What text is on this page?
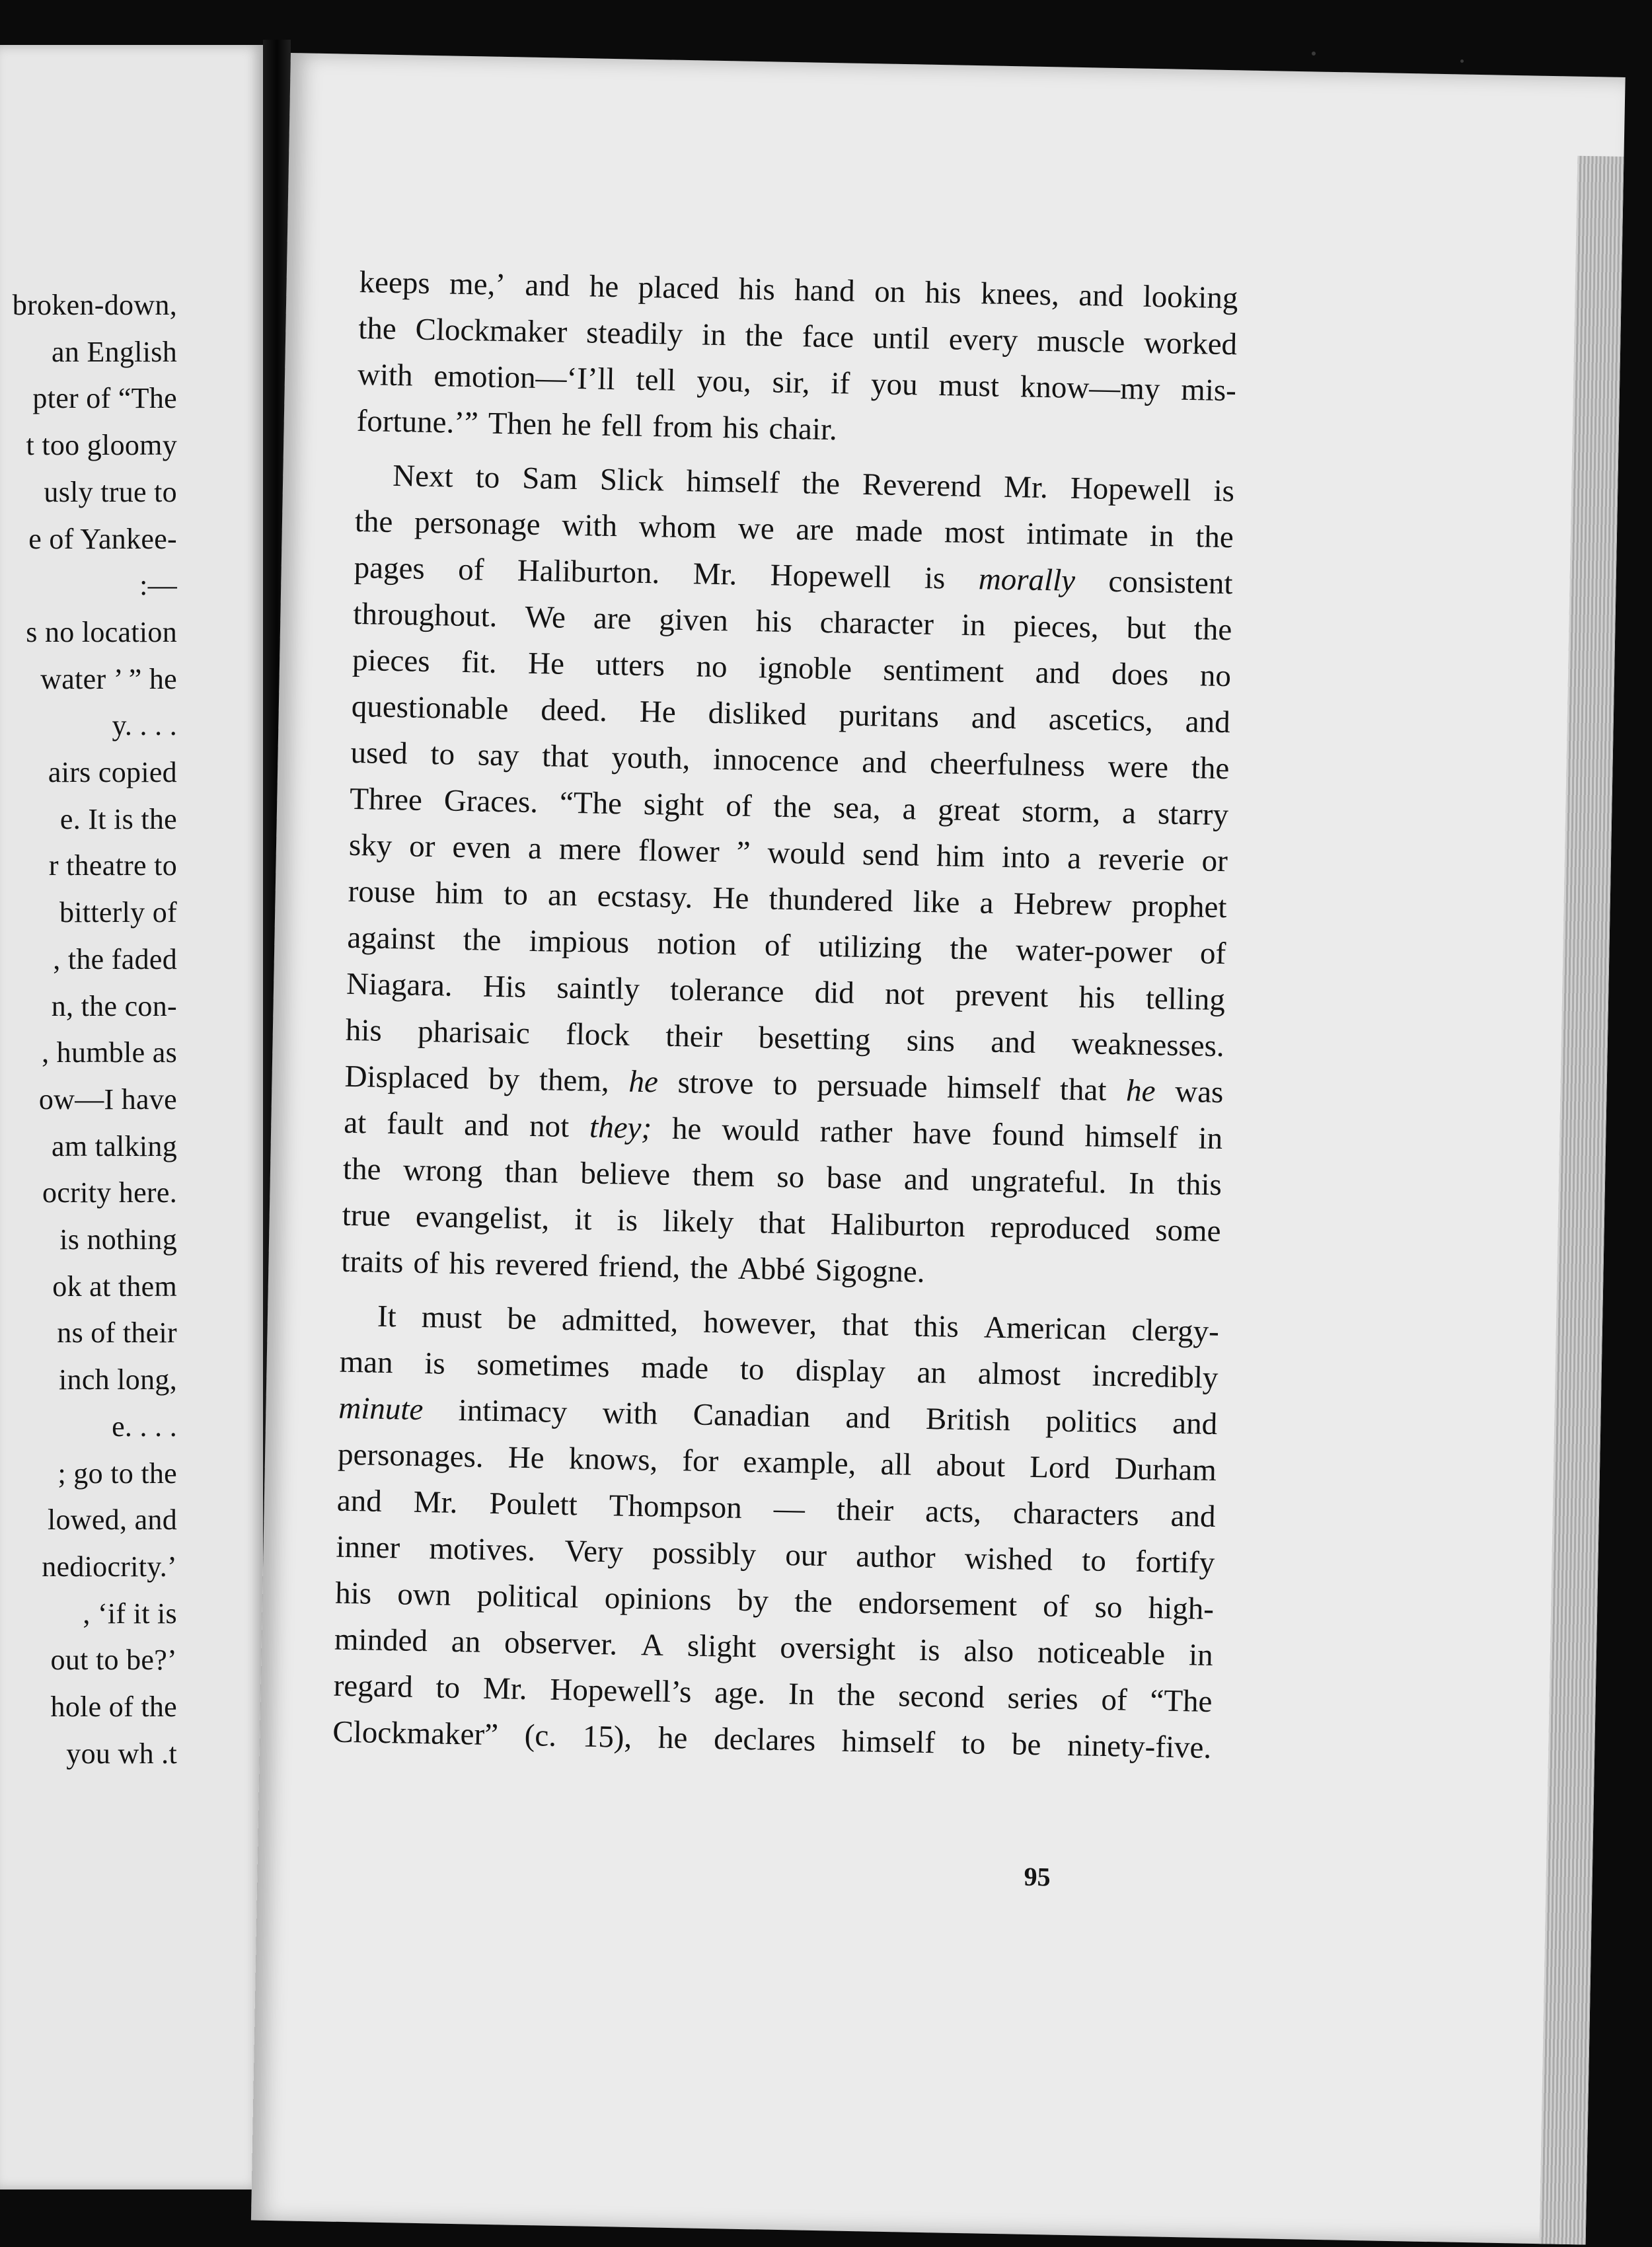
broken-down,
an English
pter of “The
t too gloomy
usly true to
e of Yankee-
:—
s no location
water ’ ” he
y. . . .
airs copied
e. It is the
r theatre to
bitterly of
, the faded
n, the con-
, humble as
ow—I have
am talking
ocrity here.
is nothing
ok at them
ns of their
inch long,
e. . . .
; go to the
lowed, and
nediocrity.’
, ‘if it is
out to be?’
hole of the
you wh .t
keeps me,’ and he placed his hand on his knees, and looking
the Clockmaker steadily in the face until every muscle worked
with emotion—‘I’ll tell you, sir, if you must know—my mis-
fortune.’” Then he fell from his chair.
Next to Sam Slick himself the Reverend Mr. Hopewell is
the personage with whom we are made most intimate in the
pages of Haliburton. Mr. Hopewell is morally consistent
throughout. We are given his character in pieces, but the
pieces fit. He utters no ignoble sentiment and does no
questionable deed. He disliked puritans and ascetics, and
used to say that youth, innocence and cheerfulness were the
Three Graces. “The sight of the sea, a great storm, a starry
sky or even a mere flower ” would send him into a reverie or
rouse him to an ecstasy. He thundered like a Hebrew prophet
against the impious notion of utilizing the water-power of
Niagara. His saintly tolerance did not prevent his telling
his pharisaic flock their besetting sins and weaknesses.
Displaced by them, he strove to persuade himself that he was
at fault and not they; he would rather have found himself in
the wrong than believe them so base and ungrateful. In this
true evangelist, it is likely that Haliburton reproduced some
traits of his revered friend, the Abbé Sigogne.
It must be admitted, however, that this American clergy-
man is sometimes made to display an almost incredibly
minute intimacy with Canadian and British politics and
personages. He knows, for example, all about Lord Durham
and Mr. Poulett Thompson — their acts, characters and
inner motives. Very possibly our author wished to fortify
his own political opinions by the endorsement of so high-
minded an observer. A slight oversight is also noticeable in
regard to Mr. Hopewell’s age. In the second series of “The
Clockmaker” (c. 15), he declares himself to be ninety-five.
95
